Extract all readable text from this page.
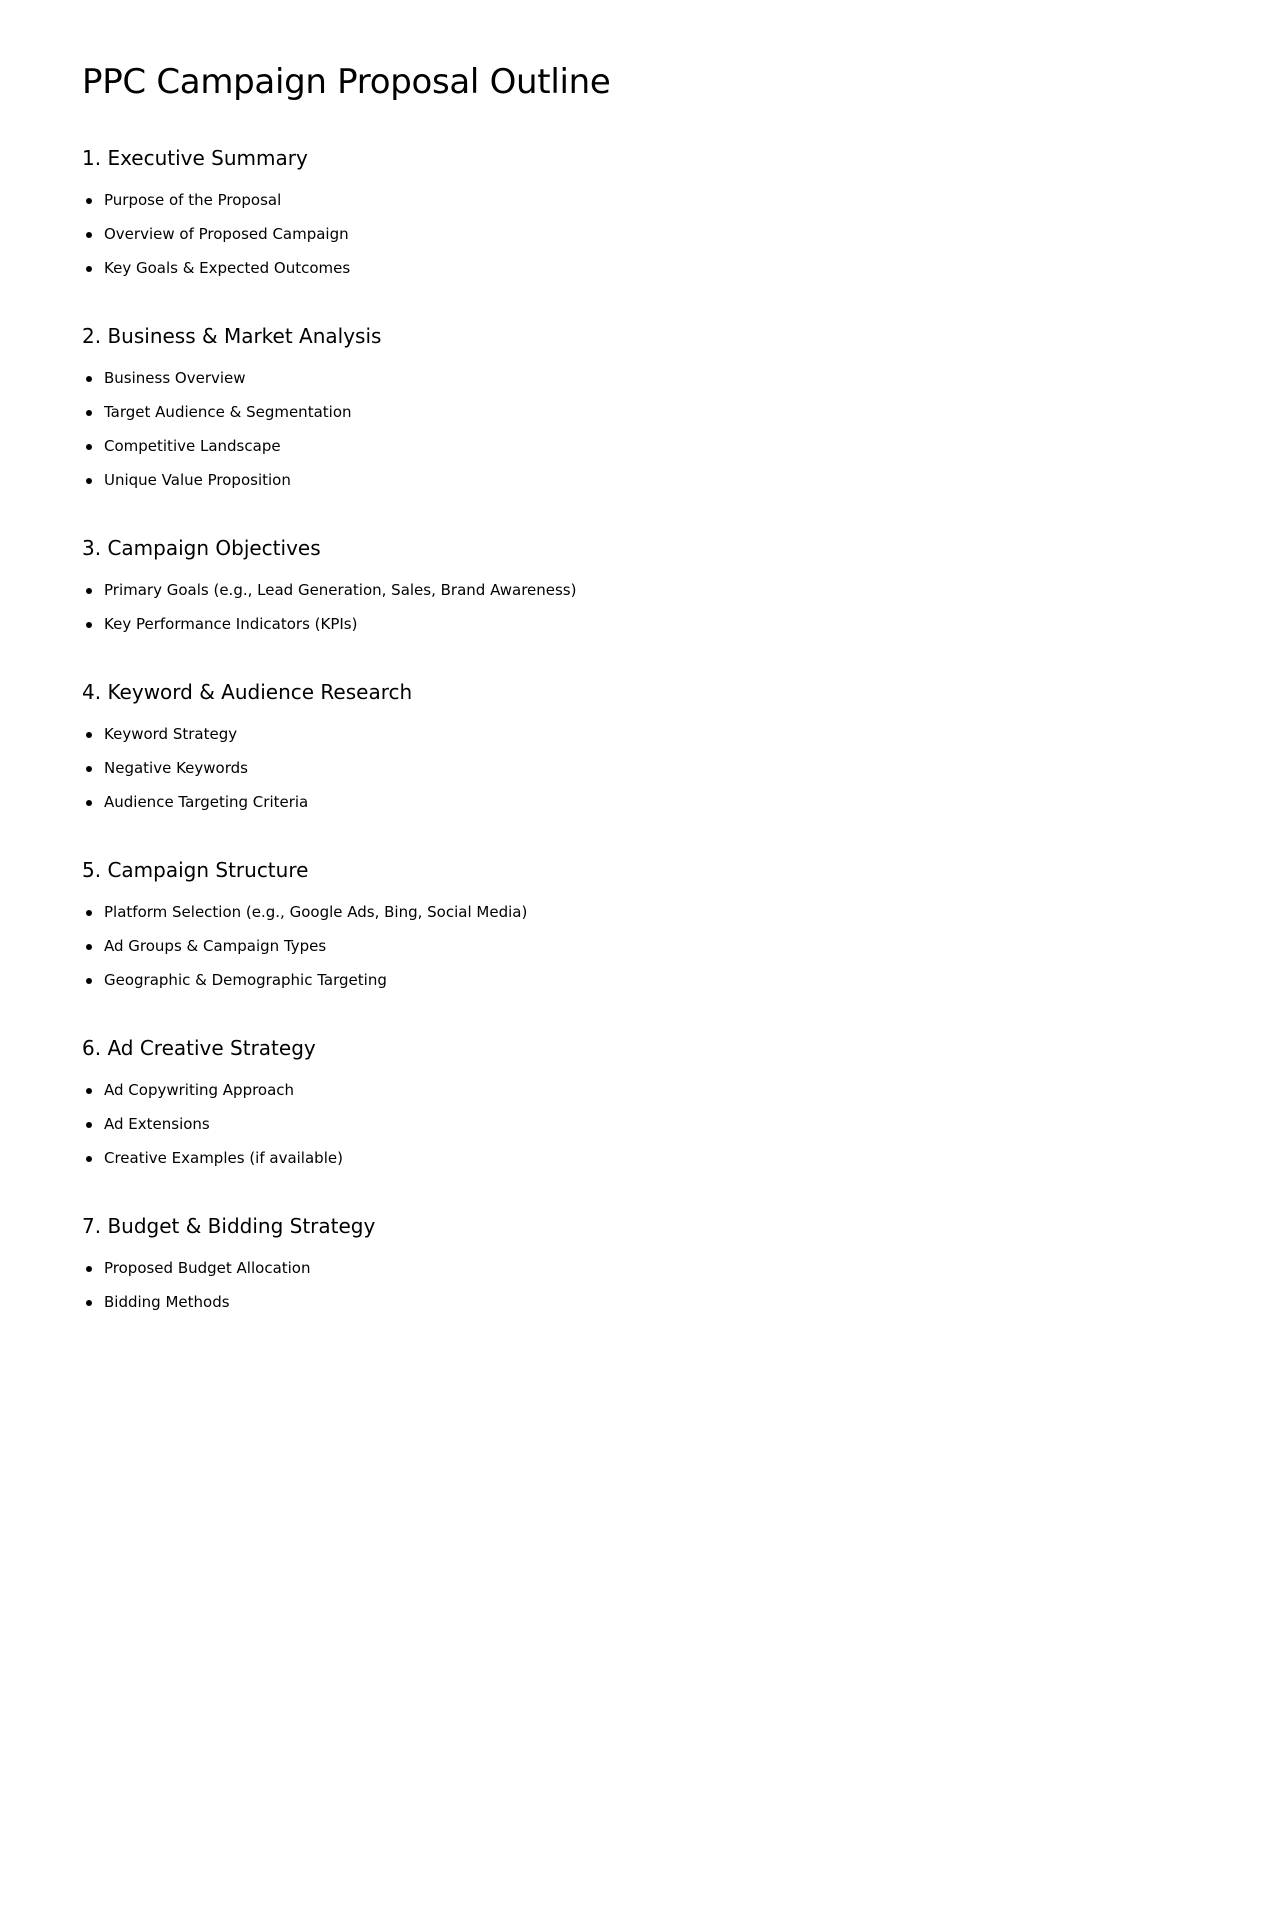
PPC Campaign Proposal Outline
1. Executive Summary
Purpose of the Proposal
Overview of Proposed Campaign
Key Goals & Expected Outcomes
2. Business & Market Analysis
Business Overview
Target Audience & Segmentation
Competitive Landscape
Unique Value Proposition
3. Campaign Objectives
Primary Goals (e.g., Lead Generation, Sales, Brand Awareness)
Key Performance Indicators (KPIs)
4. Keyword & Audience Research
Keyword Strategy
Negative Keywords
Audience Targeting Criteria
5. Campaign Structure
Platform Selection (e.g., Google Ads, Bing, Social Media)
Ad Groups & Campaign Types
Geographic & Demographic Targeting
6. Ad Creative Strategy
Ad Copywriting Approach
Ad Extensions
Creative Examples (if available)
7. Budget & Bidding Strategy
Proposed Budget Allocation
Bidding Methods
